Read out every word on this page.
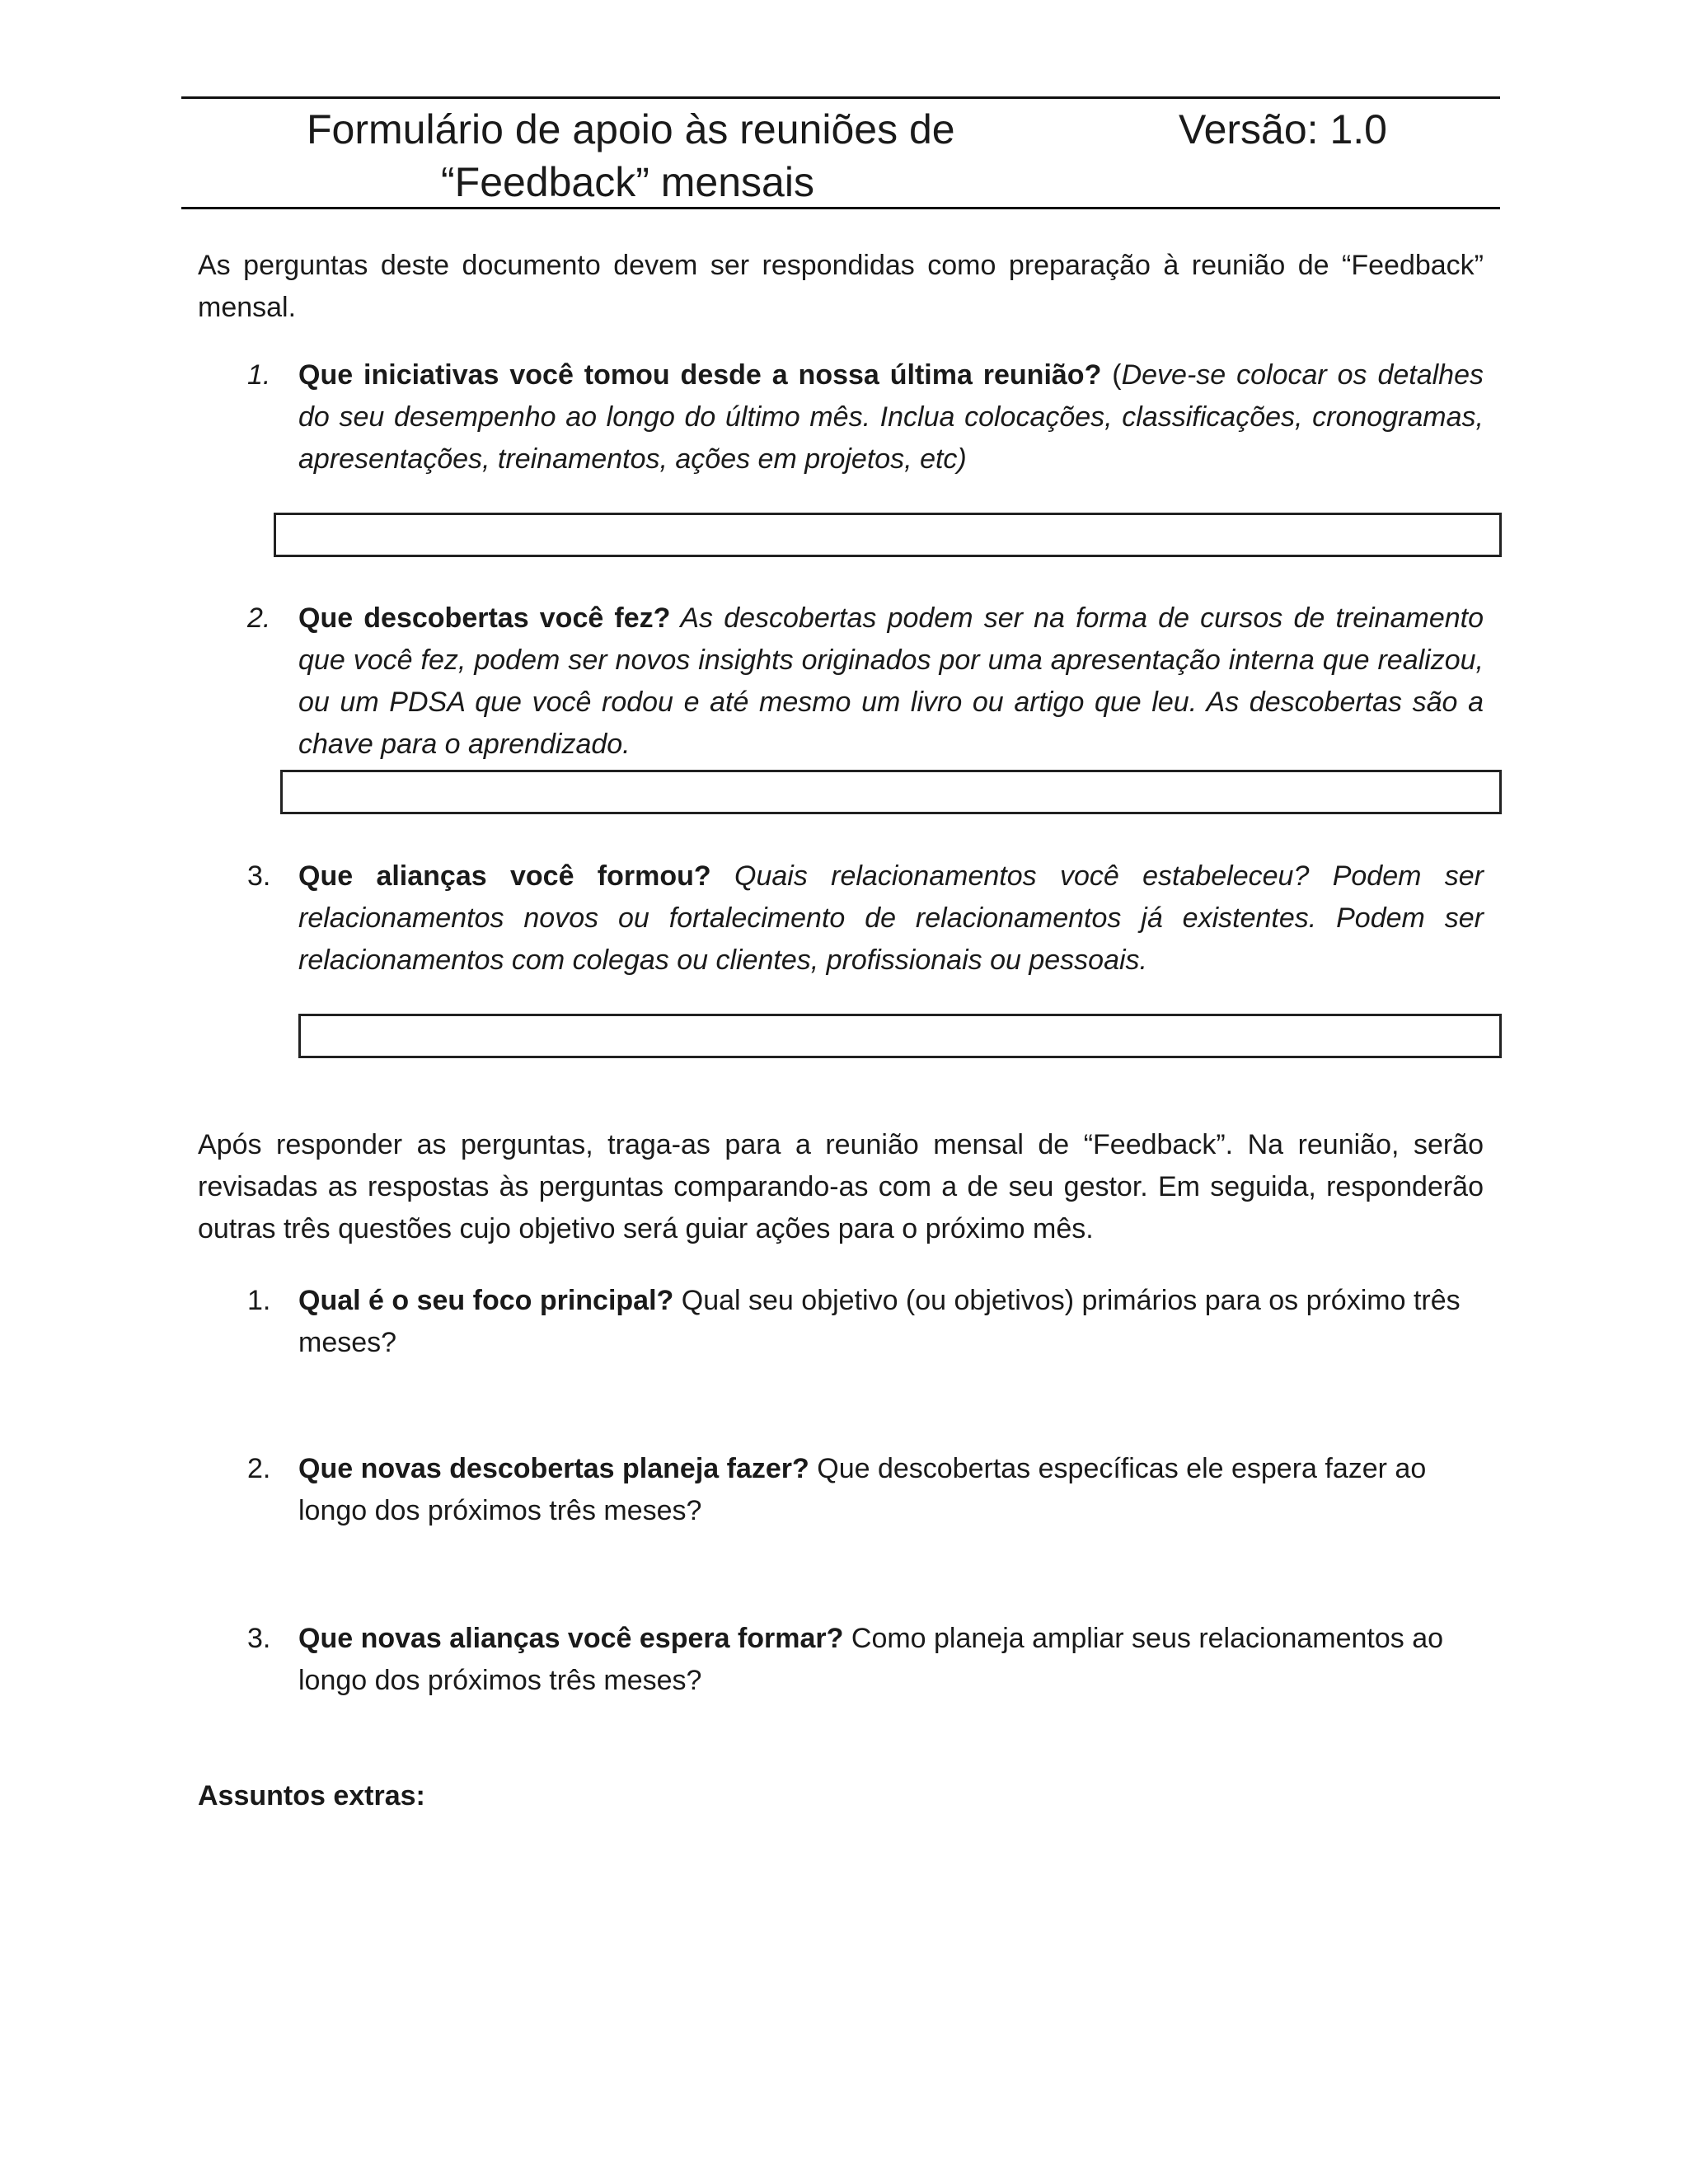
Formulário de apoio às reuniões de
“Feedback” mensais
Versão: 1.0
As perguntas deste documento devem ser respondidas como preparação à reunião de “Feedback” mensal.
1. Que iniciativas você tomou desde a nossa última reunião? (Deve-se colocar os detalhes do seu desempenho ao longo do último mês. Inclua colocações, classificações, cronogramas, apresentações, treinamentos, ações em projetos, etc)
2. Que descobertas você fez? As descobertas podem ser na forma de cursos de treinamento que você fez, podem ser novos insights originados por uma apresentação interna que realizou, ou um PDSA que você rodou e até mesmo um livro ou artigo que leu. As descobertas são a chave para o aprendizado.
3. Que alianças você formou? Quais relacionamentos você estabeleceu? Podem ser relacionamentos novos ou fortalecimento de relacionamentos já existentes. Podem ser relacionamentos com colegas ou clientes, profissionais ou pessoais.
Após responder as perguntas, traga-as para a reunião mensal de “Feedback”. Na reunião, serão revisadas as respostas às perguntas comparando-as com a de seu gestor. Em seguida, responderão outras três questões cujo objetivo será guiar ações para o próximo mês.
1. Qual é o seu foco principal? Qual seu objetivo (ou objetivos) primários para os próximo três meses?
2. Que novas descobertas planeja fazer? Que descobertas específicas ele espera fazer ao longo dos próximos três meses?
3. Que novas alianças você espera formar? Como planeja ampliar seus relacionamentos ao longo dos próximos três meses?
Assuntos extras:
